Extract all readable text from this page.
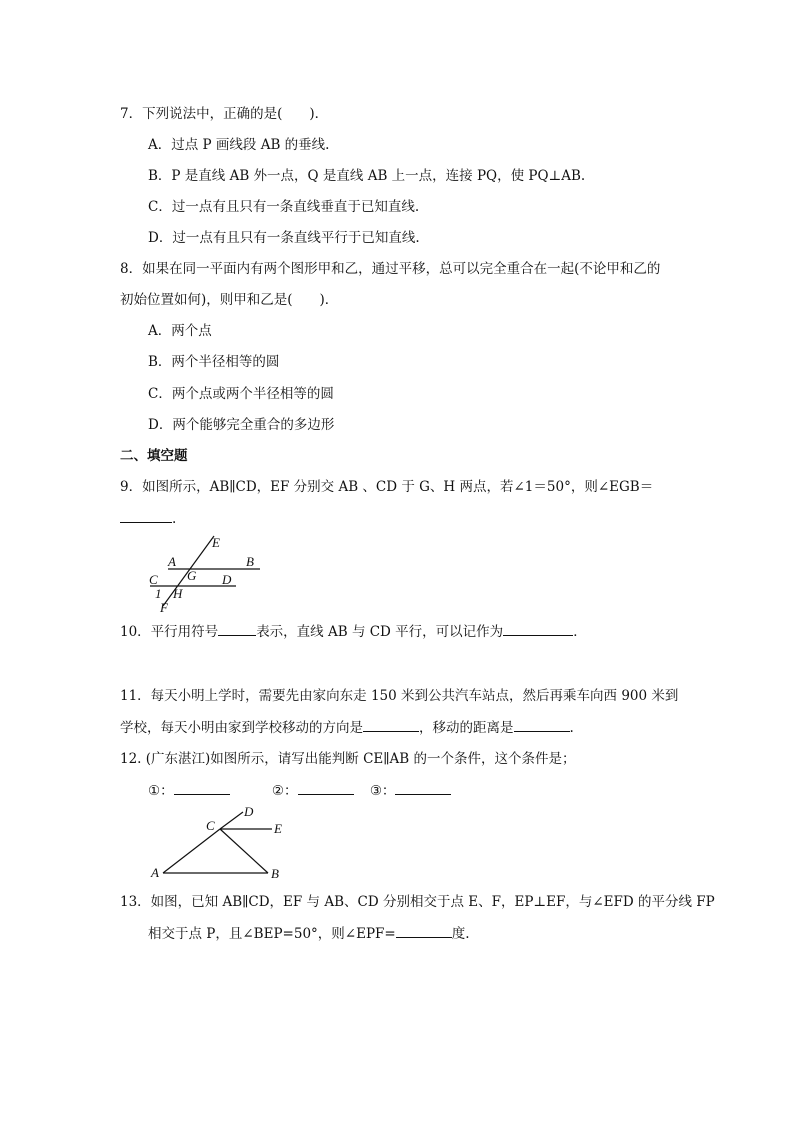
7．下列说法中，正确的是(　　)．
A．过点 P 画线段 AB 的垂线.
B．P 是直线 AB 外一点，Q 是直线 AB 上一点，连接 PQ，使 PQ⊥AB.
C．过一点有且只有一条直线垂直于已知直线.
D．过一点有且只有一条直线平行于已知直线.
8．如果在同一平面内有两个图形甲和乙，通过平移，总可以完全重合在一起(不论甲和乙的
初始位置如何)，则甲和乙是(　　)．
A．两个点
B．两个半径相等的圆
C．两个点或两个半径相等的圆
D．两个能够完全重合的多边形
二、填空题
9．如图所示，AB∥CD，EF 分别交 AB 、CD 于 G、H 两点，若∠1＝50°，则∠EGB＝
.
E
A	B
G
C	D
1 H
F
10．平行用符号	表示，直线 AB 与 CD 平行，可以记作为	．
11．每天小明上学时，需要先由家向东走 150 米到公共汽车站点，然后再乘车向西 900 米到
学校，每天小明由家到学校移动的方向是	，移动的距离是	.
12. (广东湛江)如图所示，请写出能判断 CE∥AB 的一个条件，这个条件是；
①：	②：	③：
D
C	E
A	B
13．如图，已知 AB∥CD，EF 与 AB、CD 分别相交于点 E、F，EP⊥EF，与∠EFD 的平分线 FP
相交于点 P，且∠BEP=50°，则∠EPF=	度.
